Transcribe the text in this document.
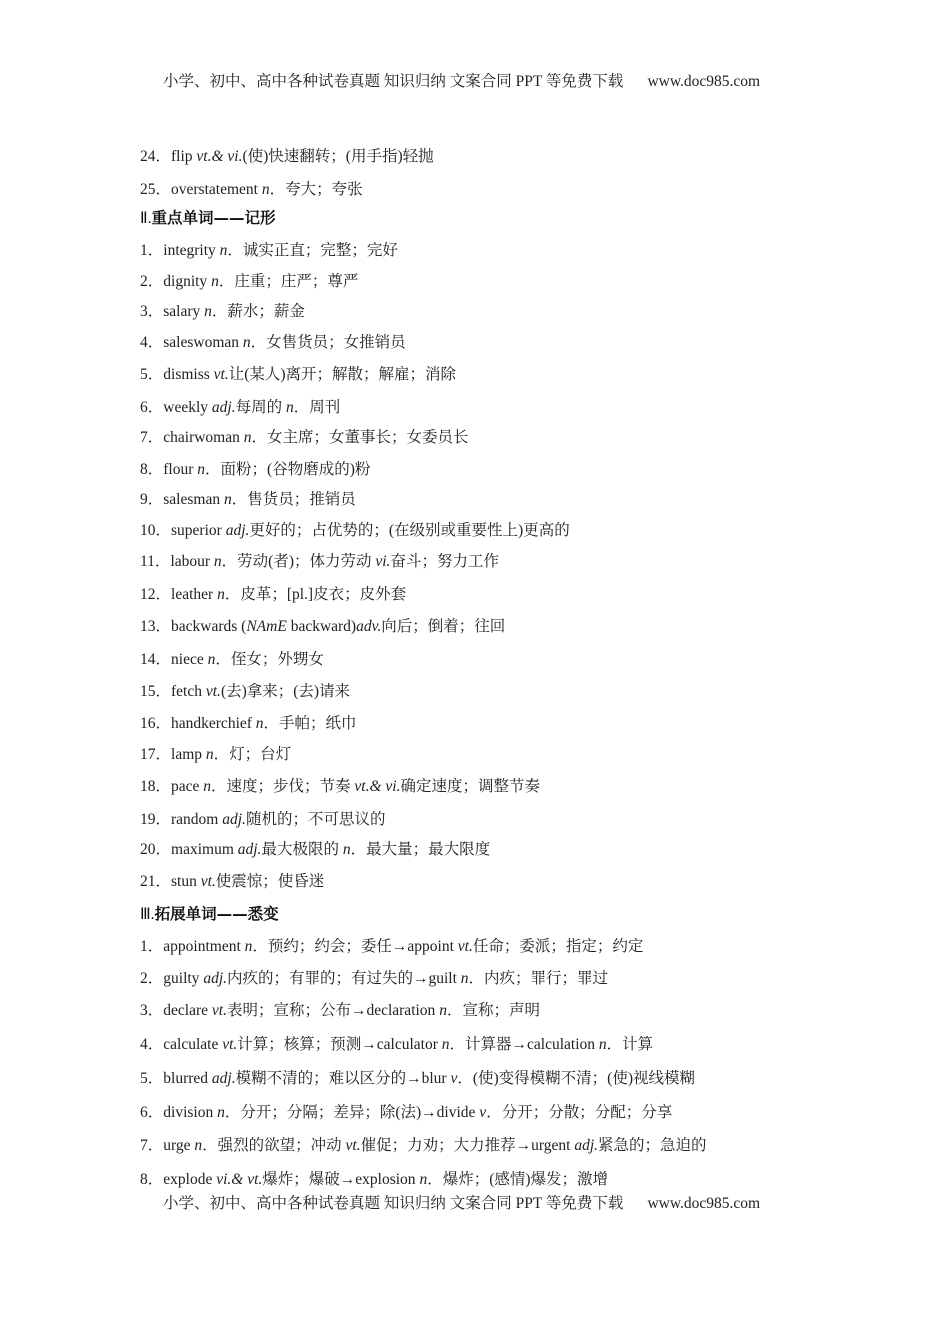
小学、初中、高中各种试卷真题 知识归纳 文案合同 PPT 等免费下载 www.doc985.com
24．flip vt.& vi.(使)快速翻转；(用手指)轻抛
25．overstatement n．夸大；夸张
Ⅱ.重点单词——记形
1．integrity n．诚实正直；完整；完好
2．dignity n．庄重；庄严；尊严
3．salary n．薪水；薪金
4．saleswoman n．女售货员；女推销员
5．dismiss vt.让(某人)离开；解散；解雇；消除
6．weekly adj.每周的 n．周刊
7．chairwoman n．女主席；女董事长；女委员长
8．flour n．面粉；(谷物磨成的)粉
9．salesman n．售货员；推销员
10．superior adj.更好的；占优势的；(在级别或重要性上)更高的
11．labour n．劳动(者)；体力劳动 vi.奋斗；努力工作
12．leather n．皮革；[pl.]皮衣；皮外套
13．backwards (NAmE backward)adv.向后；倒着；往回
14．niece n．侄女；外甥女
15．fetch vt.(去)拿来；(去)请来
16．handkerchief n．手帕；纸巾
17．lamp n．灯；台灯
18．pace n．速度；步伐；节奏 vt.& vi.确定速度；调整节奏
19．random adj.随机的；不可思议的
20．maximum adj.最大极限的 n．最大量；最大限度
21．stun vt.使震惊；使昏迷
Ⅲ.拓展单词——悉变
1．appointment n．预约；约会；委任→appoint vt.任命；委派；指定；约定
2．guilty adj.内疚的；有罪的；有过失的→guilt n．内疚；罪行；罪过
3．declare vt.表明；宣称；公布→declaration n．宣称；声明
4．calculate vt.计算；核算；预测→calculator n．计算器→calculation n．计算
5．blurred adj.模糊不清的；难以区分的→blur v．(使)变得模糊不清；(使)视线模糊
6．division n．分开；分隔；差异；除(法)→divide v．分开；分散；分配；分享
7．urge n．强烈的欲望；冲动 vt.催促；力劝；大力推荐→urgent adj.紧急的；急迫的
8．explode vi.& vt.爆炸；爆破→explosion n．爆炸；(感情)爆发；激增
小学、初中、高中各种试卷真题 知识归纳 文案合同 PPT 等免费下载 www.doc985.com
